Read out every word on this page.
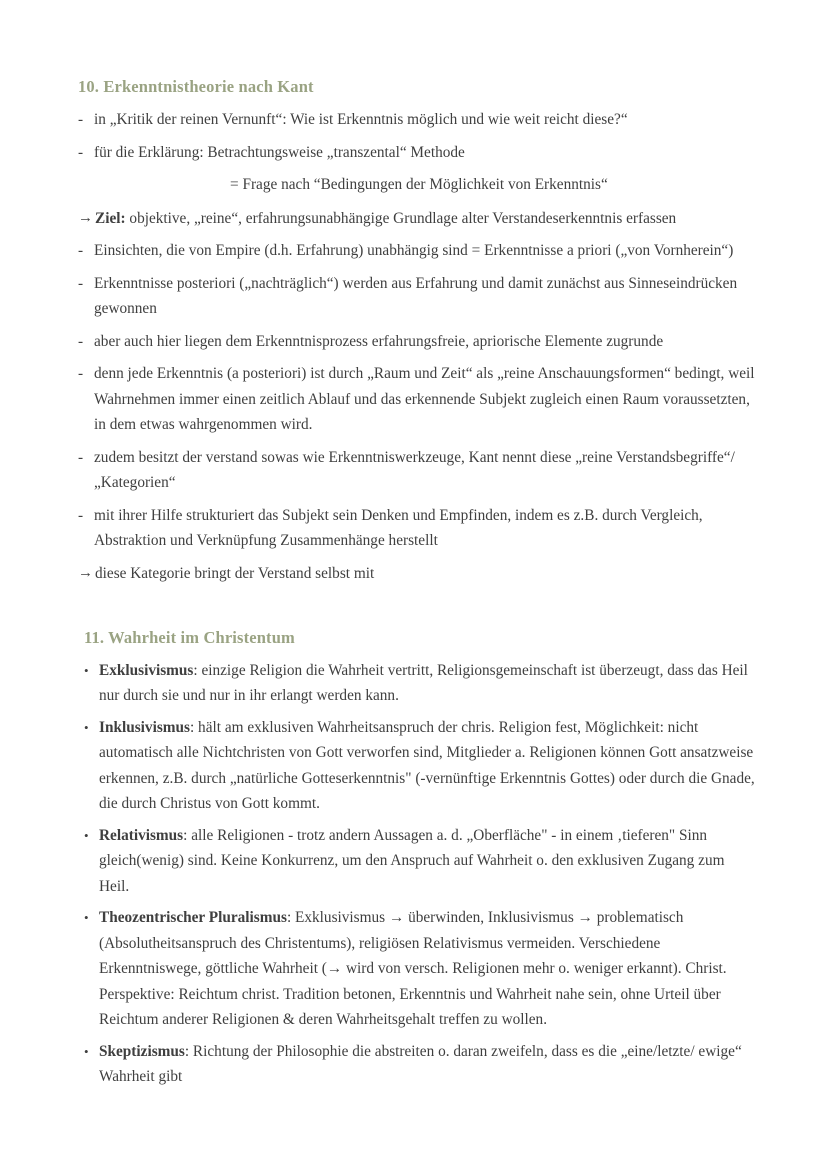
10. Erkenntnistheorie nach Kant

- in „Kritik der reinen Vernunft“: Wie ist Erkenntnis möglich und wie weit reicht diese?“

- für die Erklärung: Betrachtungsweise „transzental“ Methode

= Frage nach “Bedingungen der Möglichkeit von Erkenntnis“

→ Ziel: objektive, „reine“, erfahrungsunabhängige Grundlage alter Verstandeserkenntnis erfassen

- Einsichten, die von Empire (d.h. Erfahrung) unabhängig sind = Erkenntnisse a priori („von Vornherein“)

- Erkenntnisse posteriori („nachträglich“) werden aus Erfahrung und damit zunächst aus Sinneseindrücken gewonnen

- aber auch hier liegen dem Erkenntnisprozess erfahrungsfreie, apriorische Elemente zugrunde

- denn jede Erkenntnis (a posteriori) ist durch „Raum und Zeit“ als „reine Anschauungsformen“ bedingt, weil Wahrnehmen immer einen zeitlich Ablauf und das erkennende Subjekt zugleich einen Raum voraussetzten, in dem etwas wahrgenommen wird.

- zudem besitzt der verstand sowas wie Erkenntniswerkzeuge, Kant nennt diese „reine Verstandsbegriffe“/ „Kategorien“

- mit ihrer Hilfe strukturiert das Subjekt sein Denken und Empfinden, indem es z.B. durch Vergleich, Abstraktion und Verknüpfung Zusammenhänge herstellt

→ diese Kategorie bringt der Verstand selbst mit

11. Wahrheit im Christentum

• Exklusivismus: einzige Religion die Wahrheit vertritt, Religionsgemeinschaft ist überzeugt, dass das Heil nur durch sie und nur in ihr erlangt werden kann.

• Inklusivismus: hält am exklusiven Wahrheitsanspruch der chris. Religion fest, Möglichkeit: nicht automatisch alle Nichtchristen von Gott verworfen sind, Mitglieder a. Religionen können Gott ansatzweise erkennen, z.B. durch „natürliche Gotteserkenntnis" (-vernünftige Erkenntnis Gottes) oder durch die Gnade, die durch Christus von Gott kommt.

• Relativismus: alle Religionen - trotz andern Aussagen a. d. „Oberfläche" - in einem ‚tieferen" Sinn gleich(wenig) sind. Keine Konkurrenz, um den Anspruch auf Wahrheit o. den exklusiven Zugang zum Heil.

• Theozentrischer Pluralismus: Exklusivismus → überwinden, Inklusivismus → problematisch (Absolutheitsanspruch des Christentums), religiösen Relativismus vermeiden. Verschiedene Erkenntniswege, göttliche Wahrheit (→ wird von versch. Religionen mehr o. weniger erkannt). Christ. Perspektive: Reichtum christ. Tradition betonen, Erkenntnis und Wahrheit nahe sein, ohne Urteil über Reichtum anderer Religionen & deren Wahrheitsgehalt treffen zu wollen.

• Skeptizismus: Richtung der Philosophie die abstreiten o. daran zweifeln, dass es die „eine/letzte/ ewige“ Wahrheit gibt
